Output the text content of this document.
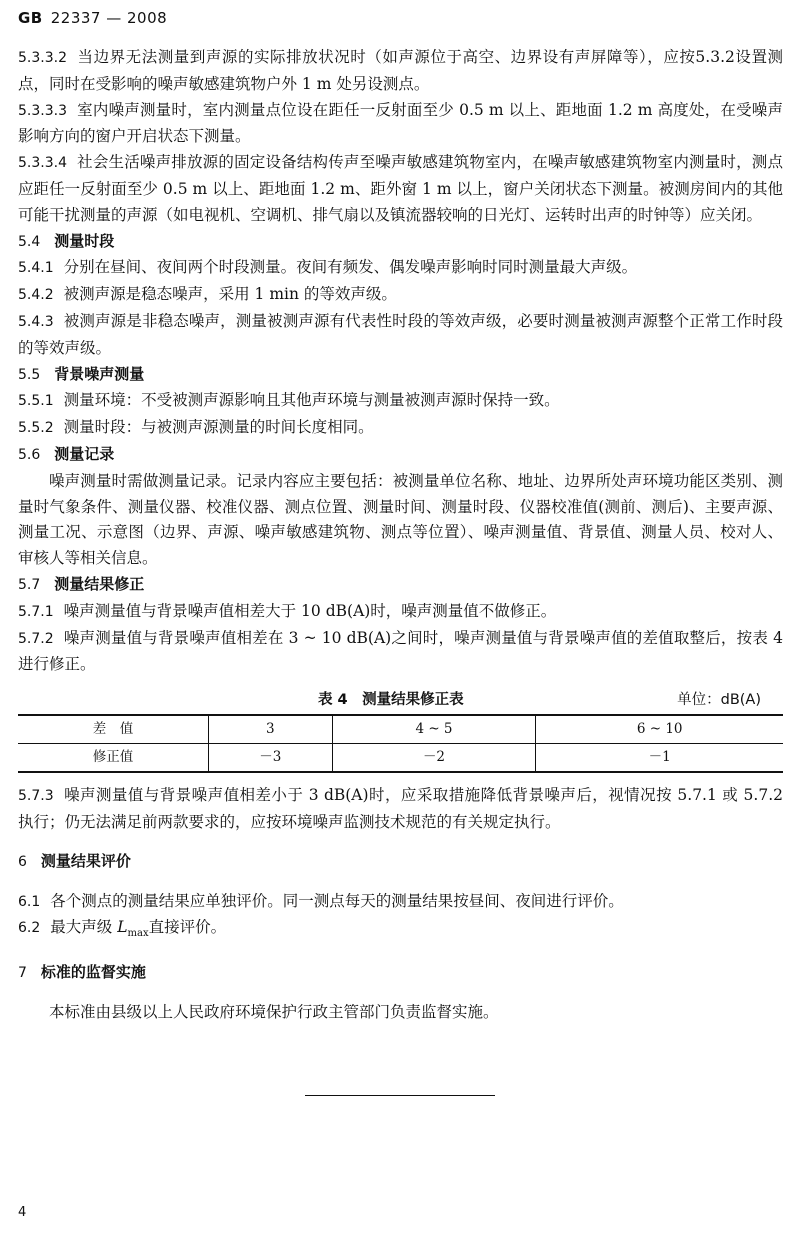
GB 22337 — 2008

5.3.3.2 当边界无法测量到声源的实际排放状况时（如声源位于高空、边界设有声屏障等），应按5.3.2设置测点，同时在受影响的噪声敏感建筑物户外 1 m 处另设测点。

5.3.3.3 室内噪声测量时，室内测量点位设在距任一反射面至少 0.5 m 以上、距地面 1.2 m 高度处，在受噪声影响方向的窗户开启状态下测量。

5.3.3.4 社会生活噪声排放源的固定设备结构传声至噪声敏感建筑物室内，在噪声敏感建筑物室内测量时，测点应距任一反射面至少 0.5 m 以上、距地面 1.2 m、距外窗 1 m 以上，窗户关闭状态下测量。被测房间内的其他可能干扰测量的声源（如电视机、空调机、排气扇以及镇流器较响的日光灯、运转时出声的时钟等）应关闭。

5.4 测量时段

5.4.1 分别在昼间、夜间两个时段测量。夜间有频发、偶发噪声影响时同时测量最大声级。

5.4.2 被测声源是稳态噪声，采用 1 min 的等效声级。

5.4.3 被测声源是非稳态噪声，测量被测声源有代表性时段的等效声级，必要时测量被测声源整个正常工作时段的等效声级。

5.5 背景噪声测量

5.5.1 测量环境：不受被测声源影响且其他声环境与测量被测声源时保持一致。

5.5.2 测量时段：与被测声源测量的时间长度相同。

5.6 测量记录

噪声测量时需做测量记录。记录内容应主要包括：被测量单位名称、地址、边界所处声环境功能区类别、测量时气象条件、测量仪器、校准仪器、测点位置、测量时间、测量时段、仪器校准值(测前、测后)、主要声源、测量工况、示意图（边界、声源、噪声敏感建筑物、测点等位置）、噪声测量值、背景值、测量人员、校对人、审核人等相关信息。

5.7 测量结果修正

5.7.1 噪声测量值与背景噪声值相差大于 10 dB(A)时，噪声测量值不做修正。

5.7.2 噪声测量值与背景噪声值相差在 3 ~ 10 dB(A)之间时，噪声测量值与背景噪声值的差值取整后，按表 4 进行修正。

表 4　测量结果修正表	单位：dB(A)
差　值	3	4 ~ 5	6 ~ 10
修正值	－3	－2	－1

5.7.3 噪声测量值与背景噪声值相差小于 3 dB(A)时，应采取措施降低背景噪声后，视情况按 5.7.1 或 5.7.2 执行；仍无法满足前两款要求的，应按环境噪声监测技术规范的有关规定执行。

6 测量结果评价

6.1 各个测点的测量结果应单独评价。同一测点每天的测量结果按昼间、夜间进行评价。

6.2 最大声级 $L_{max}$直接评价。

7 标准的监督实施

本标准由县级以上人民政府环境保护行政主管部门负责监督实施。

4
